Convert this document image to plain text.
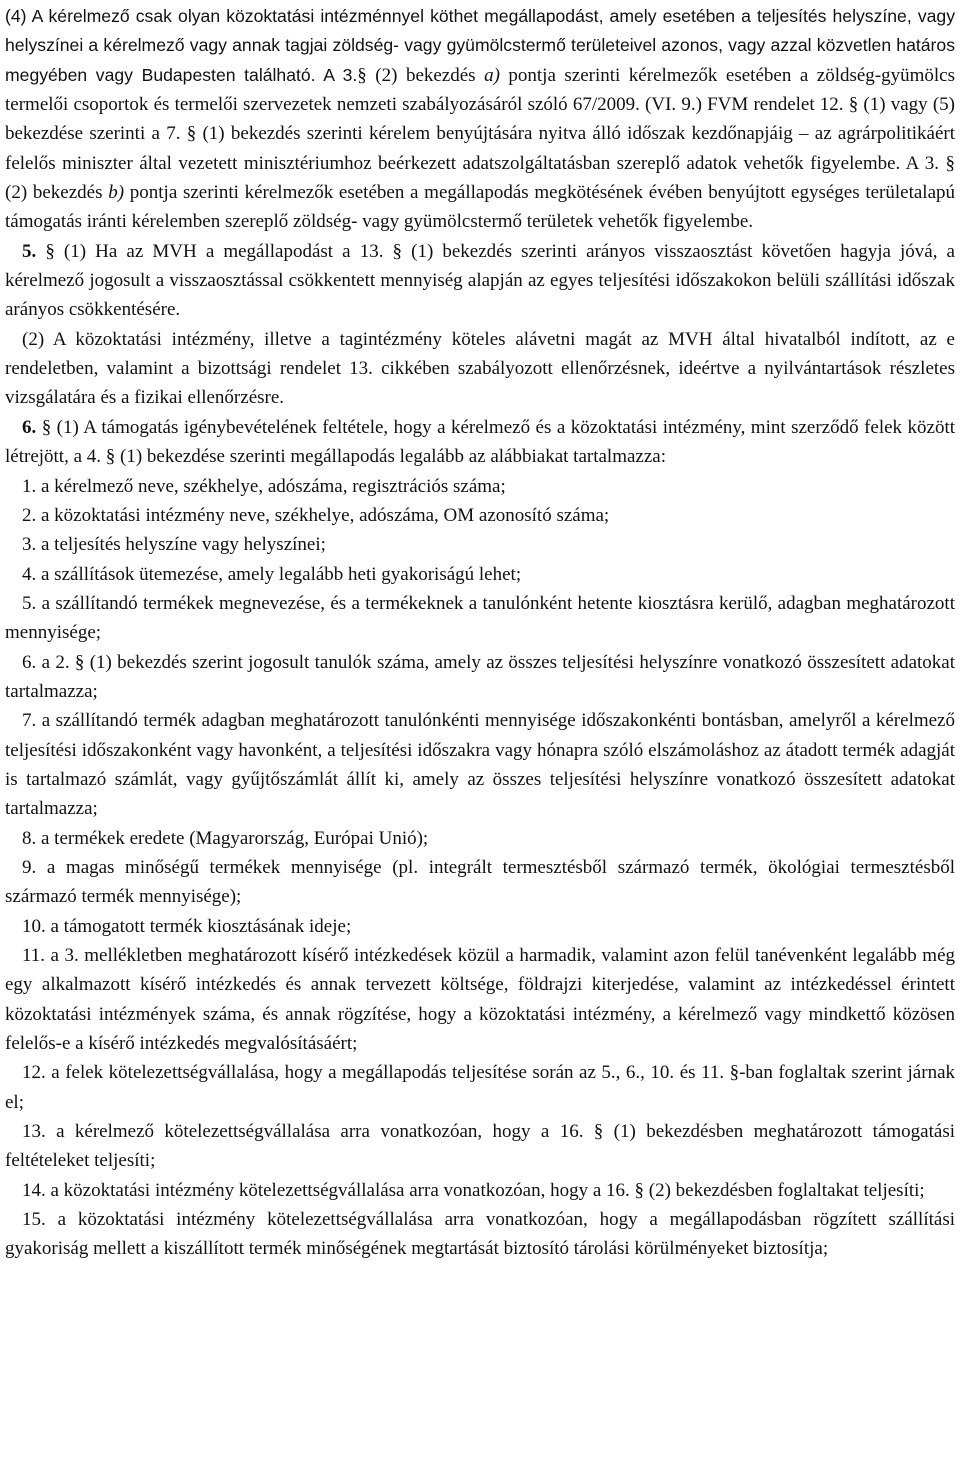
(4) A kérelmező csak olyan közoktatási intézménnyel köthet megállapodást, amely esetében a teljesítés helyszíne, vagy helyszínei a kérelmező vagy annak tagjai zöldség- vagy gyümölcstermő területeivel azonos, vagy azzal közvetlen határos megyében vagy Budapesten található. A 3.§ (2) bekezdés a) pontja szerinti kérelmezők esetében a zöldség-gyümölcs termelői csoportok és termelői szervezetek nemzeti szabályozásáról szóló 67/2009. (VI. 9.) FVM rendelet 12. § (1) vagy (5) bekezdése szerinti a 7. § (1) bekezdés szerinti kérelem benyújtására nyitva álló időszak kezdőnapjáig – az agrárpolitikáért felelős miniszter által vezetett minisztériumhoz beérkezett adatszolgáltatásban szereplő adatok vehetők figyelembe. A 3. § (2) bekezdés b) pontja szerinti kérelmezők esetében a megállapodás megkötésének évében benyújtott egységes területalapú támogatás iránti kérelemben szereplő zöldség- vagy gyümölcstermő területek vehetők figyelembe.

5. § (1) Ha az MVH a megállapodást a 13. § (1) bekezdés szerinti arányos visszaosztást követően hagyja jóvá, a kérelmező jogosult a visszaosztással csökkentett mennyiség alapján az egyes teljesítési időszakokon belüli szállítási időszak arányos csökkentésére.

(2) A közoktatási intézmény, illetve a tagintézmény köteles alávetni magát az MVH által hivatalból indított, az e rendeletben, valamint a bizottsági rendelet 13. cikkében szabályozott ellenőrzésnek, ideértve a nyilvántartások részletes vizsgálatára és a fizikai ellenőrzésre.

6. § (1) A támogatás igénybevételének feltétele, hogy a kérelmező és a közoktatási intézmény, mint szerződő felek között létrejött, a 4. § (1) bekezdése szerinti megállapodás legalább az alábbiakat tartalmazza:

1. a kérelmező neve, székhelye, adószáma, regisztrációs száma;

2. a közoktatási intézmény neve, székhelye, adószáma, OM azonosító száma;

3. a teljesítés helyszíne vagy helyszínei;

4. a szállítások ütemezése, amely legalább heti gyakoriságú lehet;

5. a szállítandó termékek megnevezése, és a termékeknek a tanulónként hetente kiosztásra kerülő, adagban meghatározott mennyisége;

6. a 2. § (1) bekezdés szerint jogosult tanulók száma, amely az összes teljesítési helyszínre vonatkozó összesített adatokat tartalmazza;

7. a szállítandó termék adagban meghatározott tanulónkénti mennyisége időszakonkénti bontásban, amelyről a kérelmező teljesítési időszakonként vagy havonként, a teljesítési időszakra vagy hónapra szóló elszámoláshoz az átadott termék adagját is tartalmazó számlát, vagy gyűjtőszámlát állít ki, amely az összes teljesítési helyszínre vonatkozó összesített adatokat tartalmazza;

8. a termékek eredete (Magyarország, Európai Unió);

9. a magas minőségű termékek mennyisége (pl. integrált termesztésből származó termék, ökológiai termesztésből származó termék mennyisége);

10. a támogatott termék kiosztásának ideje;

11. a 3. mellékletben meghatározott kísérő intézkedések közül a harmadik, valamint azon felül tanévenként legalább még egy alkalmazott kísérő intézkedés és annak tervezett költsége, földrajzi kiterjedése, valamint az intézkedéssel érintett közoktatási intézmények száma, és annak rögzítése, hogy a közoktatási intézmény, a kérelmező vagy mindkettő közösen felelős-e a kísérő intézkedés megvalósításáért;

12. a felek kötelezettségvállalása, hogy a megállapodás teljesítése során az 5., 6., 10. és 11. §-ban foglaltak szerint járnak el;

13. a kérelmező kötelezettségvállalása arra vonatkozóan, hogy a 16. § (1) bekezdésben meghatározott támogatási feltételeket teljesíti;

14. a közoktatási intézmény kötelezettségvállalása arra vonatkozóan, hogy a 16. § (2) bekezdésben foglaltakat teljesíti;

15. a közoktatási intézmény kötelezettségvállalása arra vonatkozóan, hogy a megállapodásban rögzített szállítási gyakoriság mellett a kiszállított termék minőségének megtartását biztosító tárolási körülményeket biztosítja;
